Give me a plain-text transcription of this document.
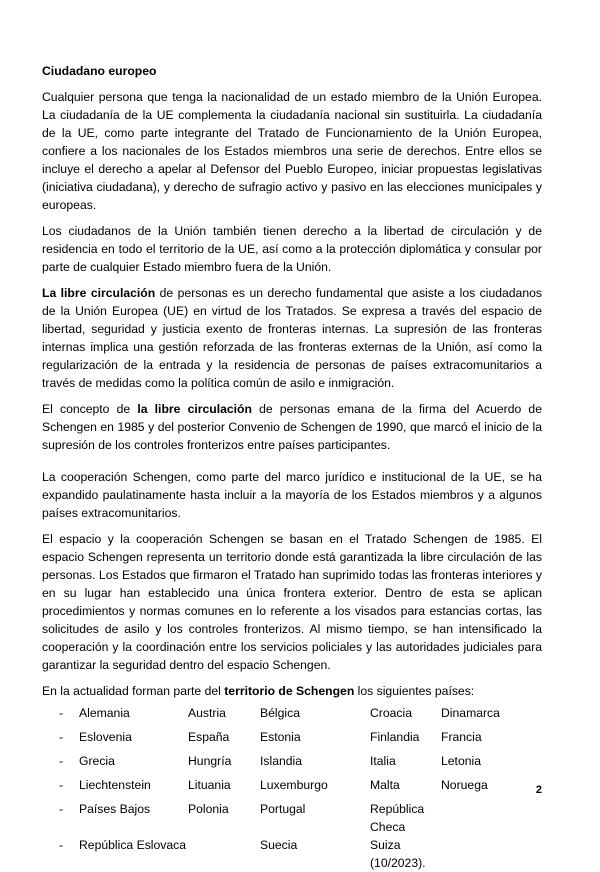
Ciudadano europeo

Cualquier persona que tenga la nacionalidad de un estado miembro de la Unión Europea. La ciudadanía de la UE complementa la ciudadanía nacional sin sustituirla. La ciudadanía de la UE, como parte integrante del Tratado de Funcionamiento de la Unión Europea, confiere a los nacionales de los Estados miembros una serie de derechos. Entre ellos se incluye el derecho a apelar al Defensor del Pueblo Europeo, iniciar propuestas legislativas (iniciativa ciudadana), y derecho de sufragio activo y pasivo en las elecciones municipales y europeas.

Los ciudadanos de la Unión también tienen derecho a la libertad de circulación y de residencia en todo el territorio de la UE, así como a la protección diplomática y consular por parte de cualquier Estado miembro fuera de la Unión.

La libre circulación de personas es un derecho fundamental que asiste a los ciudadanos de la Unión Europea (UE) en virtud de los Tratados. Se expresa a través del espacio de libertad, seguridad y justicia exento de fronteras internas. La supresión de las fronteras internas implica una gestión reforzada de las fronteras externas de la Unión, así como la regularización de la entrada y la residencia de personas de países extracomunitarios a través de medidas como la política común de asilo e inmigración.

El concepto de la libre circulación de personas emana de la firma del Acuerdo de Schengen en 1985 y del posterior Convenio de Schengen de 1990, que marcó el inicio de la supresión de los controles fronterizos entre países participantes.

La cooperación Schengen, como parte del marco jurídico e institucional de la UE, se ha expandido paulatinamente hasta incluir a la mayoría de los Estados miembros y a algunos países extracomunitarios.

El espacio y la cooperación Schengen se basan en el Tratado Schengen de 1985. El espacio Schengen representa un territorio donde está garantizada la libre circulación de las personas. Los Estados que firmaron el Tratado han suprimido todas las fronteras interiores y en su lugar han establecido una única frontera exterior. Dentro de esta se aplican procedimientos y normas comunes en lo referente a los visados para estancias cortas, las solicitudes de asilo y los controles fronterizos. Al mismo tiempo, se han intensificado la cooperación y la coordinación entre los servicios policiales y las autoridades judiciales para garantizar la seguridad dentro del espacio Schengen.

En la actualidad forman parte del territorio de Schengen los siguientes países:

-	Alemania	Austria	Bélgica	Croacia	Dinamarca
-	Eslovenia	España	Estonia	Finlandia	Francia
-	Grecia	Hungría	Islandia	Italia	Letonia
-	Liechtenstein	Lituania	Luxemburgo	Malta	Noruega
-	Países Bajos	Polonia	Portugal	República Checa	
-	República Eslovaca		Suecia	Suiza (10/2023).	
2
